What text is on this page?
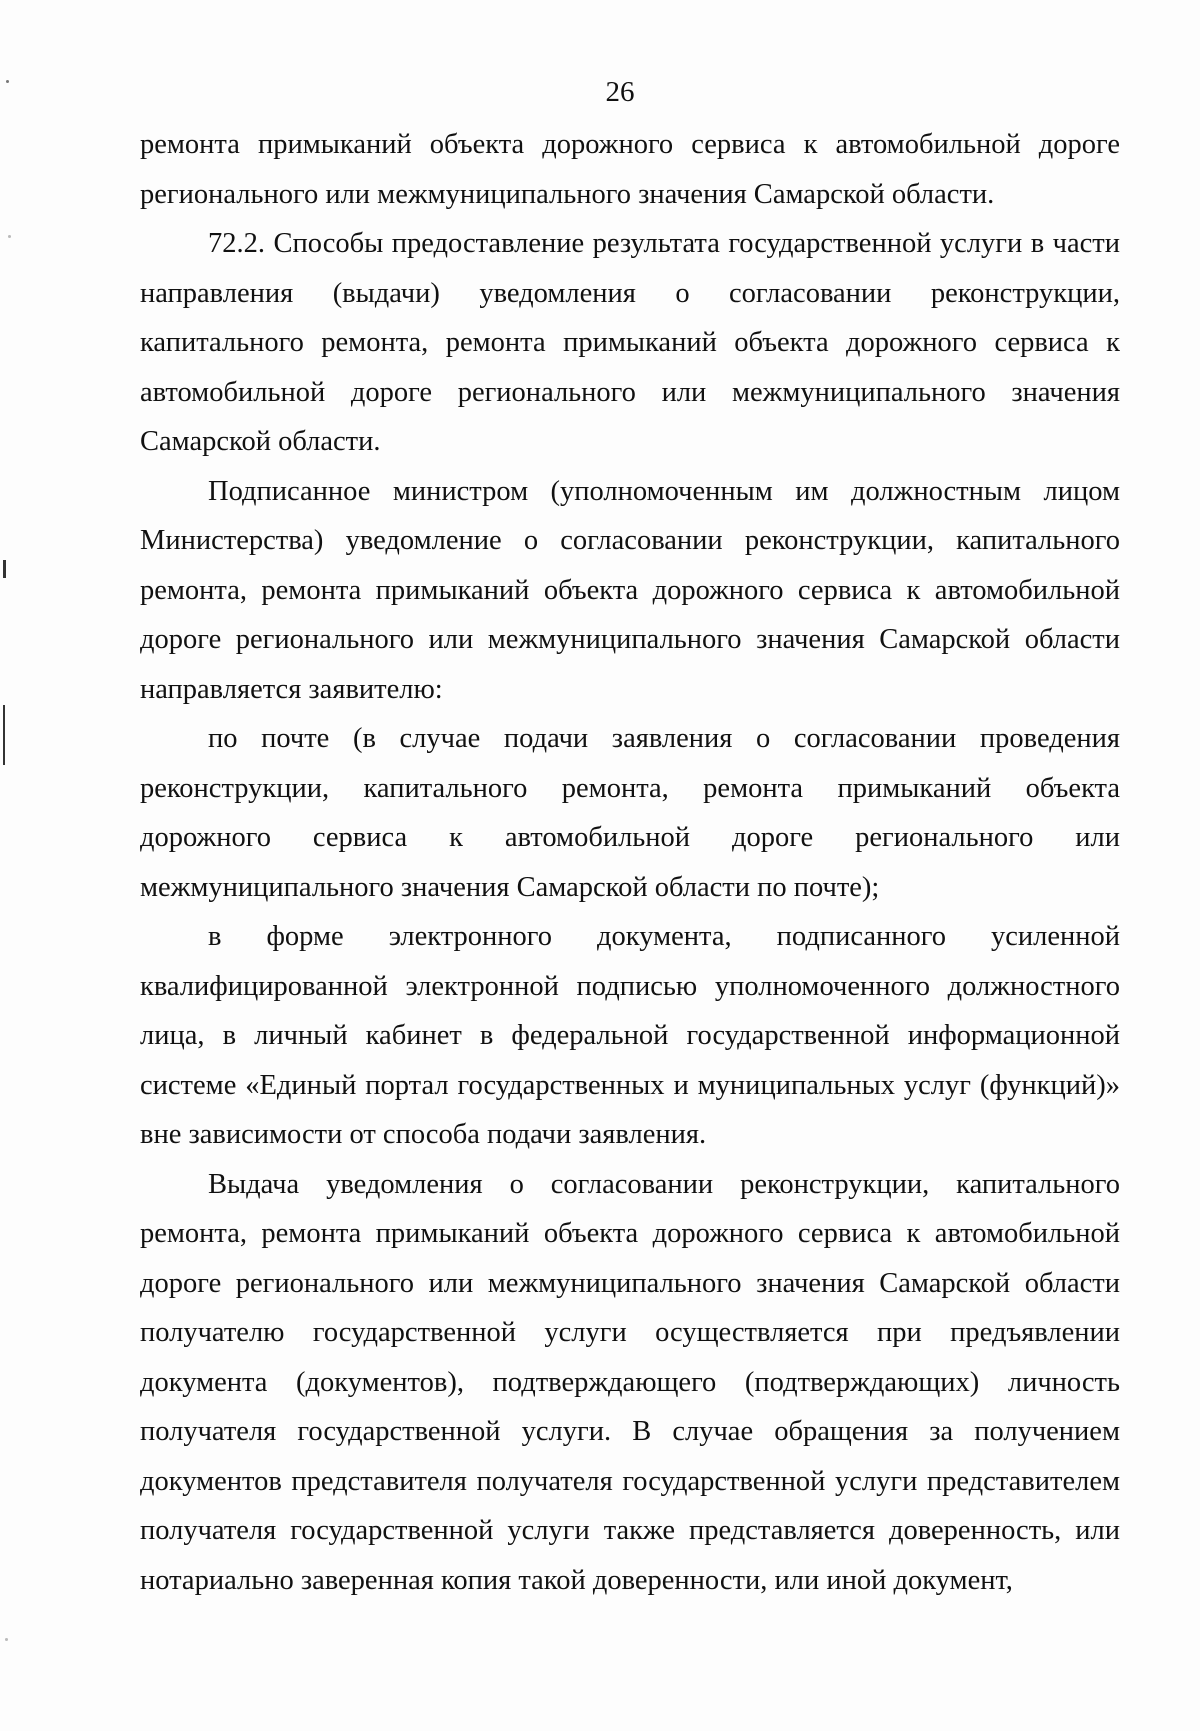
26

ремонта примыканий объекта дорожного сервиса к автомобильной дороге регионального или межмуниципального значения Самарской области.

72.2. Способы предоставление результата государственной услуги в части направления (выдачи) уведомления о согласовании реконструкции, капитального ремонта, ремонта примыканий объекта дорожного сервиса к автомобильной дороге регионального или межмуниципального значения Самарской области.

Подписанное министром (уполномоченным им должностным лицом Министерства) уведомление о согласовании реконструкции, капитального ремонта, ремонта примыканий объекта дорожного сервиса к автомобильной дороге регионального или межмуниципального значения Самарской области направляется заявителю:

по почте (в случае подачи заявления о согласовании проведения реконструкции, капитального ремонта, ремонта примыканий объекта дорожного сервиса к автомобильной дороге регионального или межмуниципального значения Самарской области по почте);

в форме электронного документа, подписанного усиленной квалифицированной электронной подписью уполномоченного должностного лица, в личный кабинет в федеральной государственной информационной системе «Единый портал государственных и муниципальных услуг (функций)» вне зависимости от способа подачи заявления.

Выдача уведомления о согласовании реконструкции, капитального ремонта, ремонта примыканий объекта дорожного сервиса к автомобильной дороге регионального или межмуниципального значения Самарской области получателю государственной услуги осуществляется при предъявлении документа (документов), подтверждающего (подтверждающих) личность получателя государственной услуги. В случае обращения за получением документов представителя получателя государственной услуги представителем получателя государственной услуги также представляется доверенность, или нотариально заверенная копия такой доверенности, или иной документ,
